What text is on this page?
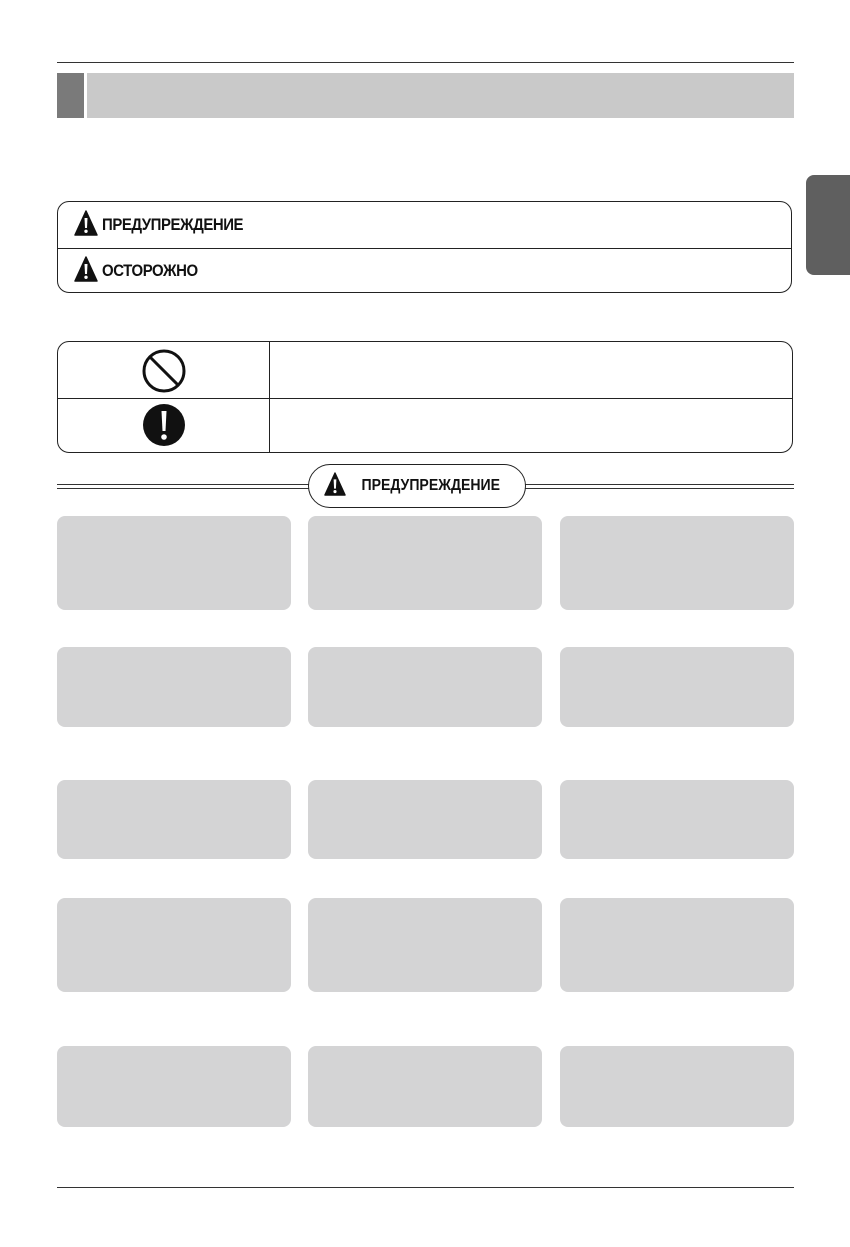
ПРЕДУПРЕЖДЕНИЕ
ОСТОРОЖНО
ПРЕДУПРЕЖДЕНИЕ
